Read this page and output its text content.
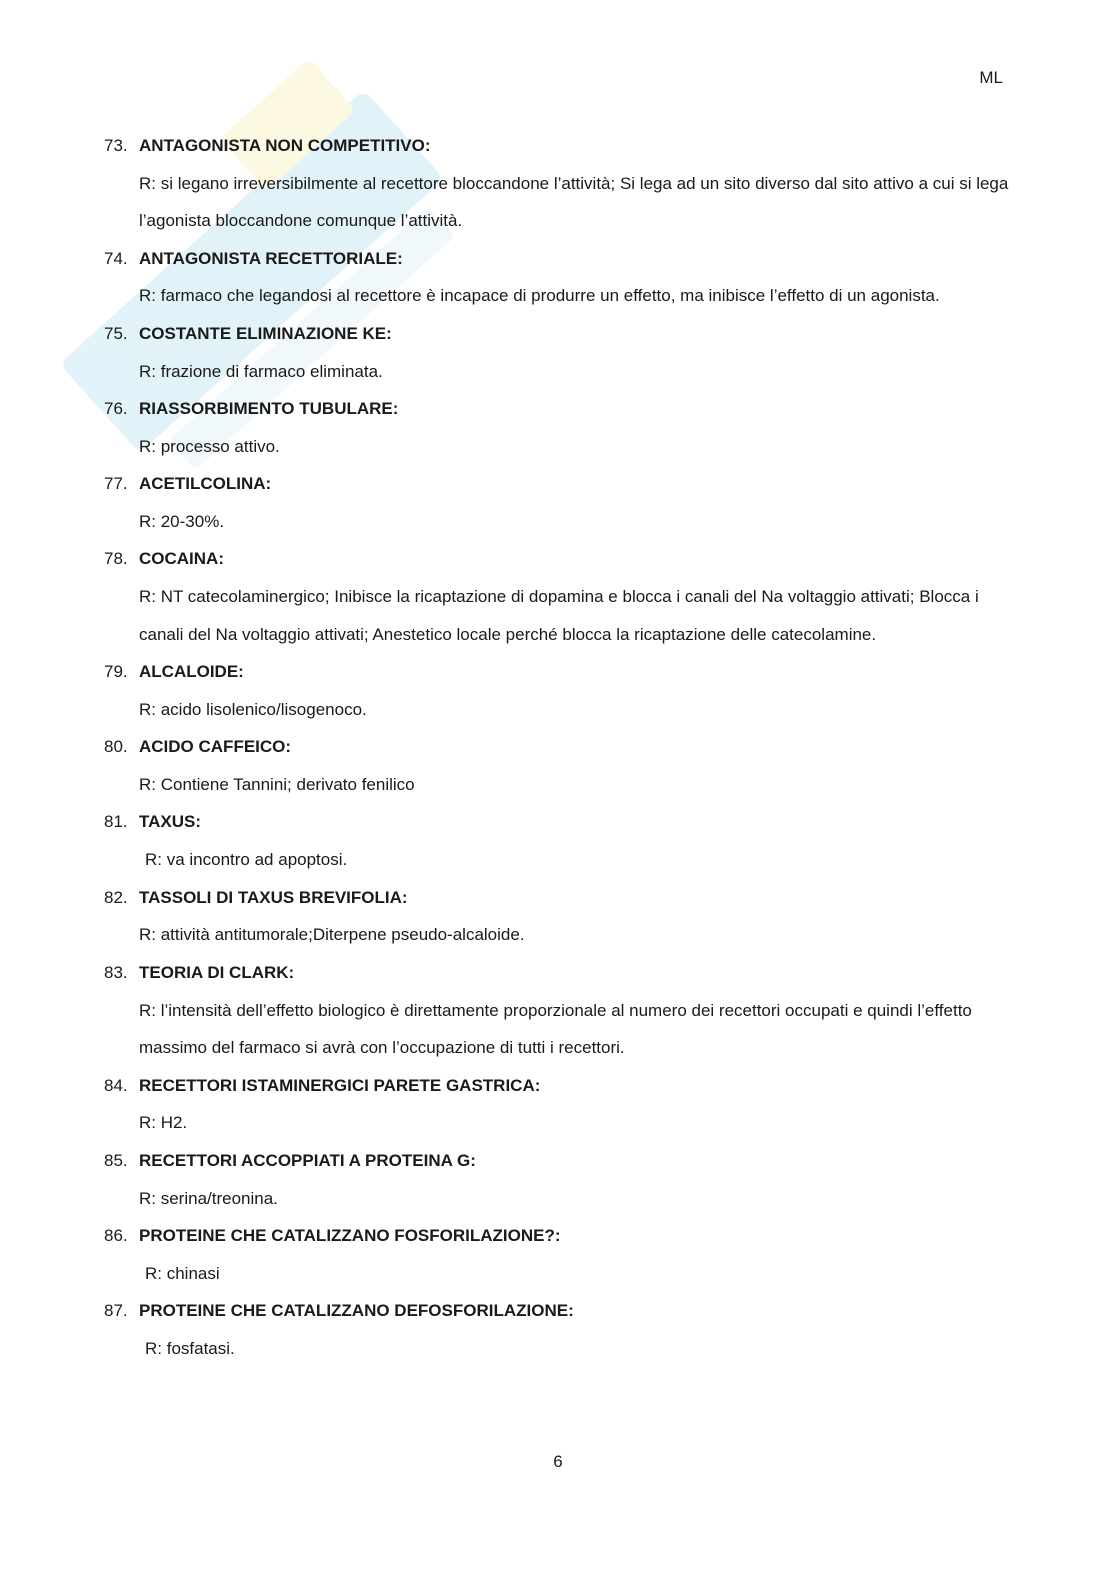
ML
73. ANTAGONISTA NON COMPETITIVO:
R: si legano irreversibilmente al recettore bloccandone l’attività; Si lega ad un sito diverso dal sito attivo a cui si lega l’agonista bloccandone comunque l’attività.
74. ANTAGONISTA RECETTORIALE:
R: farmaco che legandosi al recettore è incapace di produrre un effetto, ma inibisce l’effetto di un agonista.
75. COSTANTE ELIMINAZIONE KE:
R: frazione di farmaco eliminata.
76. RIASSORBIMENTO TUBULARE:
R: processo attivo.
77. ACETILCOLINA:
R: 20-30%.
78. COCAINA:
R: NT catecolaminergico; Inibisce la ricaptazione di dopamina e blocca i canali del Na voltaggio attivati; Blocca i canali del Na voltaggio attivati; Anestetico locale perché blocca la ricaptazione delle catecolamine.
79. ALCALOIDE:
R: acido lisolenico/lisogenoco.
80. ACIDO CAFFEICO:
R: Contiene Tannini; derivato fenilico
81. TAXUS:
R: va incontro ad apoptosi.
82. TASSOLI DI TAXUS BREVIFOLIA:
R: attività antitumorale;Diterpene pseudo-alcaloide.
83. TEORIA DI CLARK:
R: l’intensità dell’effetto biologico è direttamente proporzionale al numero dei recettori occupati e quindi l’effetto massimo del farmaco si avrà con l’occupazione di tutti i recettori.
84. RECETTORI ISTAMINERGICI PARETE GASTRICA:
R: H2.
85. RECETTORI ACCOPPIATI A PROTEINA G:
R: serina/treonina.
86. PROTEINE CHE CATALIZZANO FOSFORILAZIONE?:
R: chinasi
87. PROTEINE CHE CATALIZZANO DEFOSFORILAZIONE:
R: fosfatasi.
6
